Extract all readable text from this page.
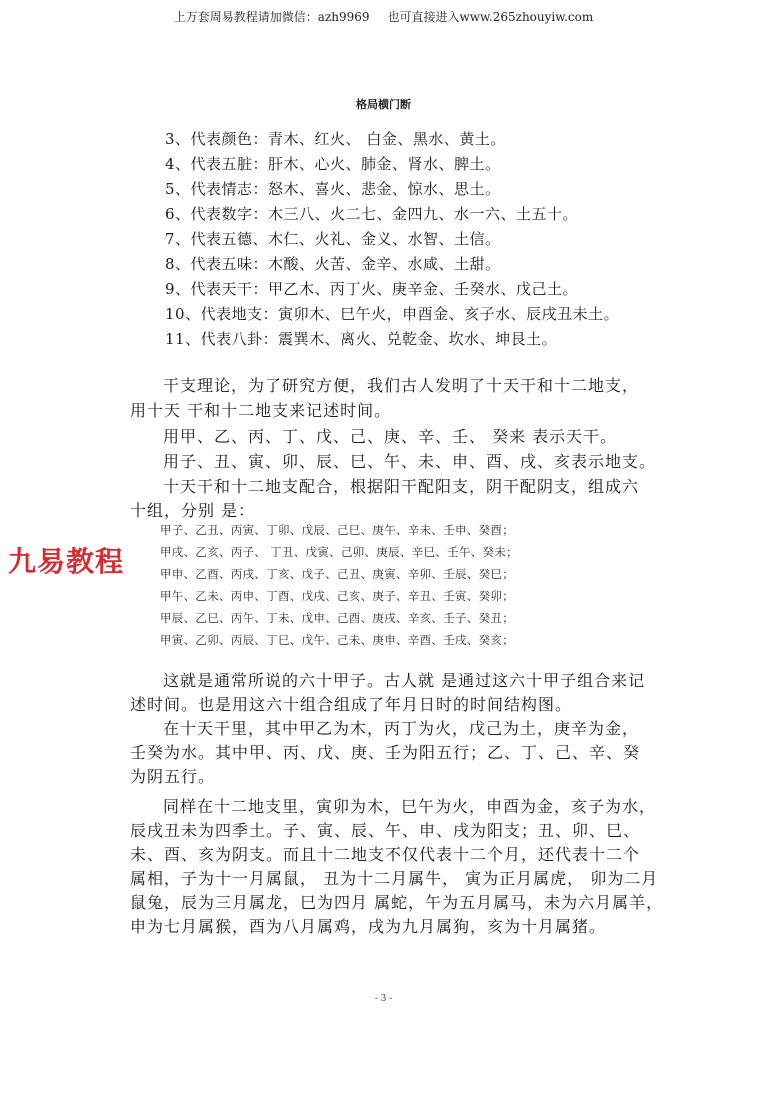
上万套周易教程请加微信：azh9969 也可直接进入www.265zhouyiw.com
格局横门断
3、代表颜色：青木、红火、 白金、黑水、黄土。
4、代表五脏：肝木、心火、肺金、肾水、脾土。
5、代表情志：怒木、喜火、悲金、惊水、思土。
6、代表数字：木三八、火二七、金四九、水一六、土五十。
7、代表五德、木仁、火礼、金义、水智、土信。
8、代表五味：木酸、火苦、金辛、水咸、土甜。
9、代表天干：甲乙木、丙丁火、庚辛金、壬癸水、戊己土。
10、代表地支：寅卯木、巳午火，申酉金、亥子水、辰戌丑未土。
11、代表八卦：震巽木、离火、兑乾金、坎水、坤艮土。
干支理论，为了研究方便，我们古人发明了十天干和十二地支，
用十天 干和十二地支来记述时间。
用甲、乙、丙、丁、戊、己、庚、辛、壬、 癸来 表示天干。
用子、丑、寅、卯、辰、巳、午、未、申、酉、戌、亥表示地支。
十天干和十二地支配合，根据阳干配阳支，阴干配阴支，组成六
十组，分别 是：
甲子、乙丑、丙寅、丁卯、戊辰、己巳、庚午、辛未、壬申、癸酉；
甲戌、乙亥、丙子、 丁丑、戊寅、己卯、庚辰、辛巳、壬午、癸未；
甲申、乙酉、丙戌、丁亥、戊子、己丑、庚寅、辛卯、壬辰、癸巳；
甲午、乙未、丙申、丁酉、戊戌、己亥、庚子、辛丑、壬寅、癸卯；
甲辰、乙巳、丙午、丁未、戊申、己酉、庚戌、辛亥、壬子、癸丑；
甲寅、乙卯、丙辰、丁巳、戊午、己未、庚申、辛酉、壬戌、癸亥；
九易教程
这就是通常所说的六十甲子。古人就 是通过这六十甲子组合来记
述时间。也是用这六十组合组成了年月日时的时间结构图。
在十天干里，其中甲乙为木，丙丁为火，戊己为土，庚辛为金，
壬癸为水。其中甲、丙、戊、庚、壬为阳五行；乙、丁、己、辛、癸
为阴五行。
同样在十二地支里，寅卯为木，巳午为火，申酉为金，亥子为水，
辰戌丑未为四季土。子、寅、辰、午、申、戌为阳支；丑、卯、巳、
未、酉、亥为阴支。而且十二地支不仅代表十二个月，还代表十二个
属相，子为十一月属鼠， 丑为十二月属牛， 寅为正月属虎， 卯为二月
鼠兔，辰为三月属龙，巳为四月 属蛇，午为五月属马，未为六月属羊，
申为七月属猴，酉为八月属鸡，戌为九月属狗，亥为十月属猪。
- 3 -
